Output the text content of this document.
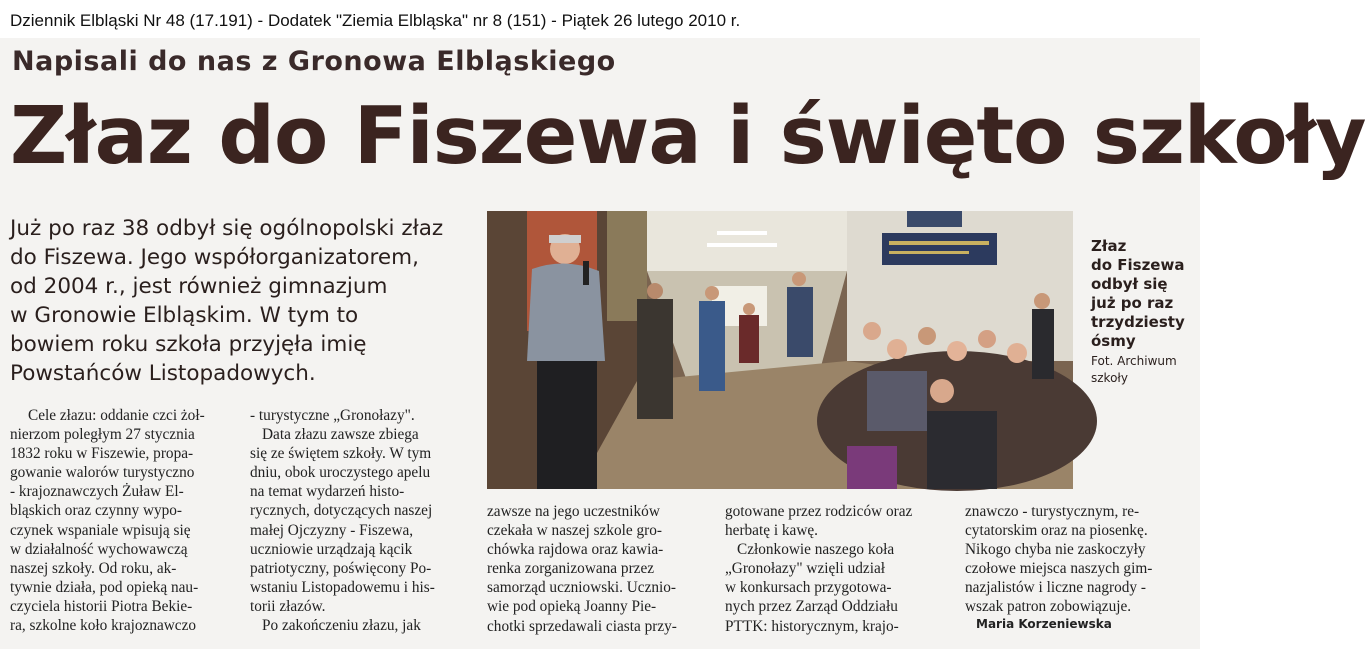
Dziennik Elbląski Nr 48 (17.191) - Dodatek "Ziemia Elbląska" nr 8 (151) - Piątek 26 lutego 2010 r.
Napisali do nas z Gronowa Elbląskiego
Złaz do Fiszewa i święto szkoły
Już po raz 38 odbył się ogólnopolski złaz
do Fiszewa. Jego współorganizatorem,
od 2004 r., jest również gimnazjum
w Gronowie Elbląskim. W tym to
bowiem roku szkoła przyjęła imię
Powstańców Listopadowych.
Złaz
do Fiszewa
odbył się
już po raz
trzydziesty
ósmy
Fot. Archiwum
szkoły
Cele złazu: oddanie czci żoł-
nierzom poległym 27 stycznia
1832 roku w Fiszewie, propa-
gowanie walorów turystyczno
- krajoznawczych Żuław El-
bląskich oraz czynny wypo-
czynek wspaniale wpisują się
w działalność wychowawczą
naszej szkoły. Od roku, ak-
tywnie działa, pod opieką nau-
czyciela historii Piotra Bekie-
ra, szkolne koło krajoznawczo
- turystyczne „Gronołazy".
Data złazu zawsze zbiega
się ze świętem szkoły. W tym
dniu, obok uroczystego apelu
na temat wydarzeń histo-
rycznych, dotyczących naszej
małej Ojczyzny - Fiszewa,
uczniowie urządzają kącik
patriotyczny, poświęcony Po-
wstaniu Listopadowemu i his-
torii złazów.
Po zakończeniu złazu, jak
zawsze na jego uczestników
czekała w naszej szkole gro-
chówka rajdowa oraz kawia-
renka zorganizowana przez
samorząd uczniowski. Ucznio-
wie pod opieką Joanny Pie-
chotki sprzedawali ciasta przy-
gotowane przez rodziców oraz
herbatę i kawę.
Członkowie naszego koła
„Gronołazy" wzięli udział
w konkursach przygotowa-
nych przez Zarząd Oddziału
PTTK: historycznym, krajo-
znawczo - turystycznym, re-
cytatorskim oraz na piosenkę.
Nikogo chyba nie zaskoczyły
czołowe miejsca naszych gim-
nazjalistów i liczne nagrody -
wszak patron zobowiązuje.
Maria Korzeniewska
